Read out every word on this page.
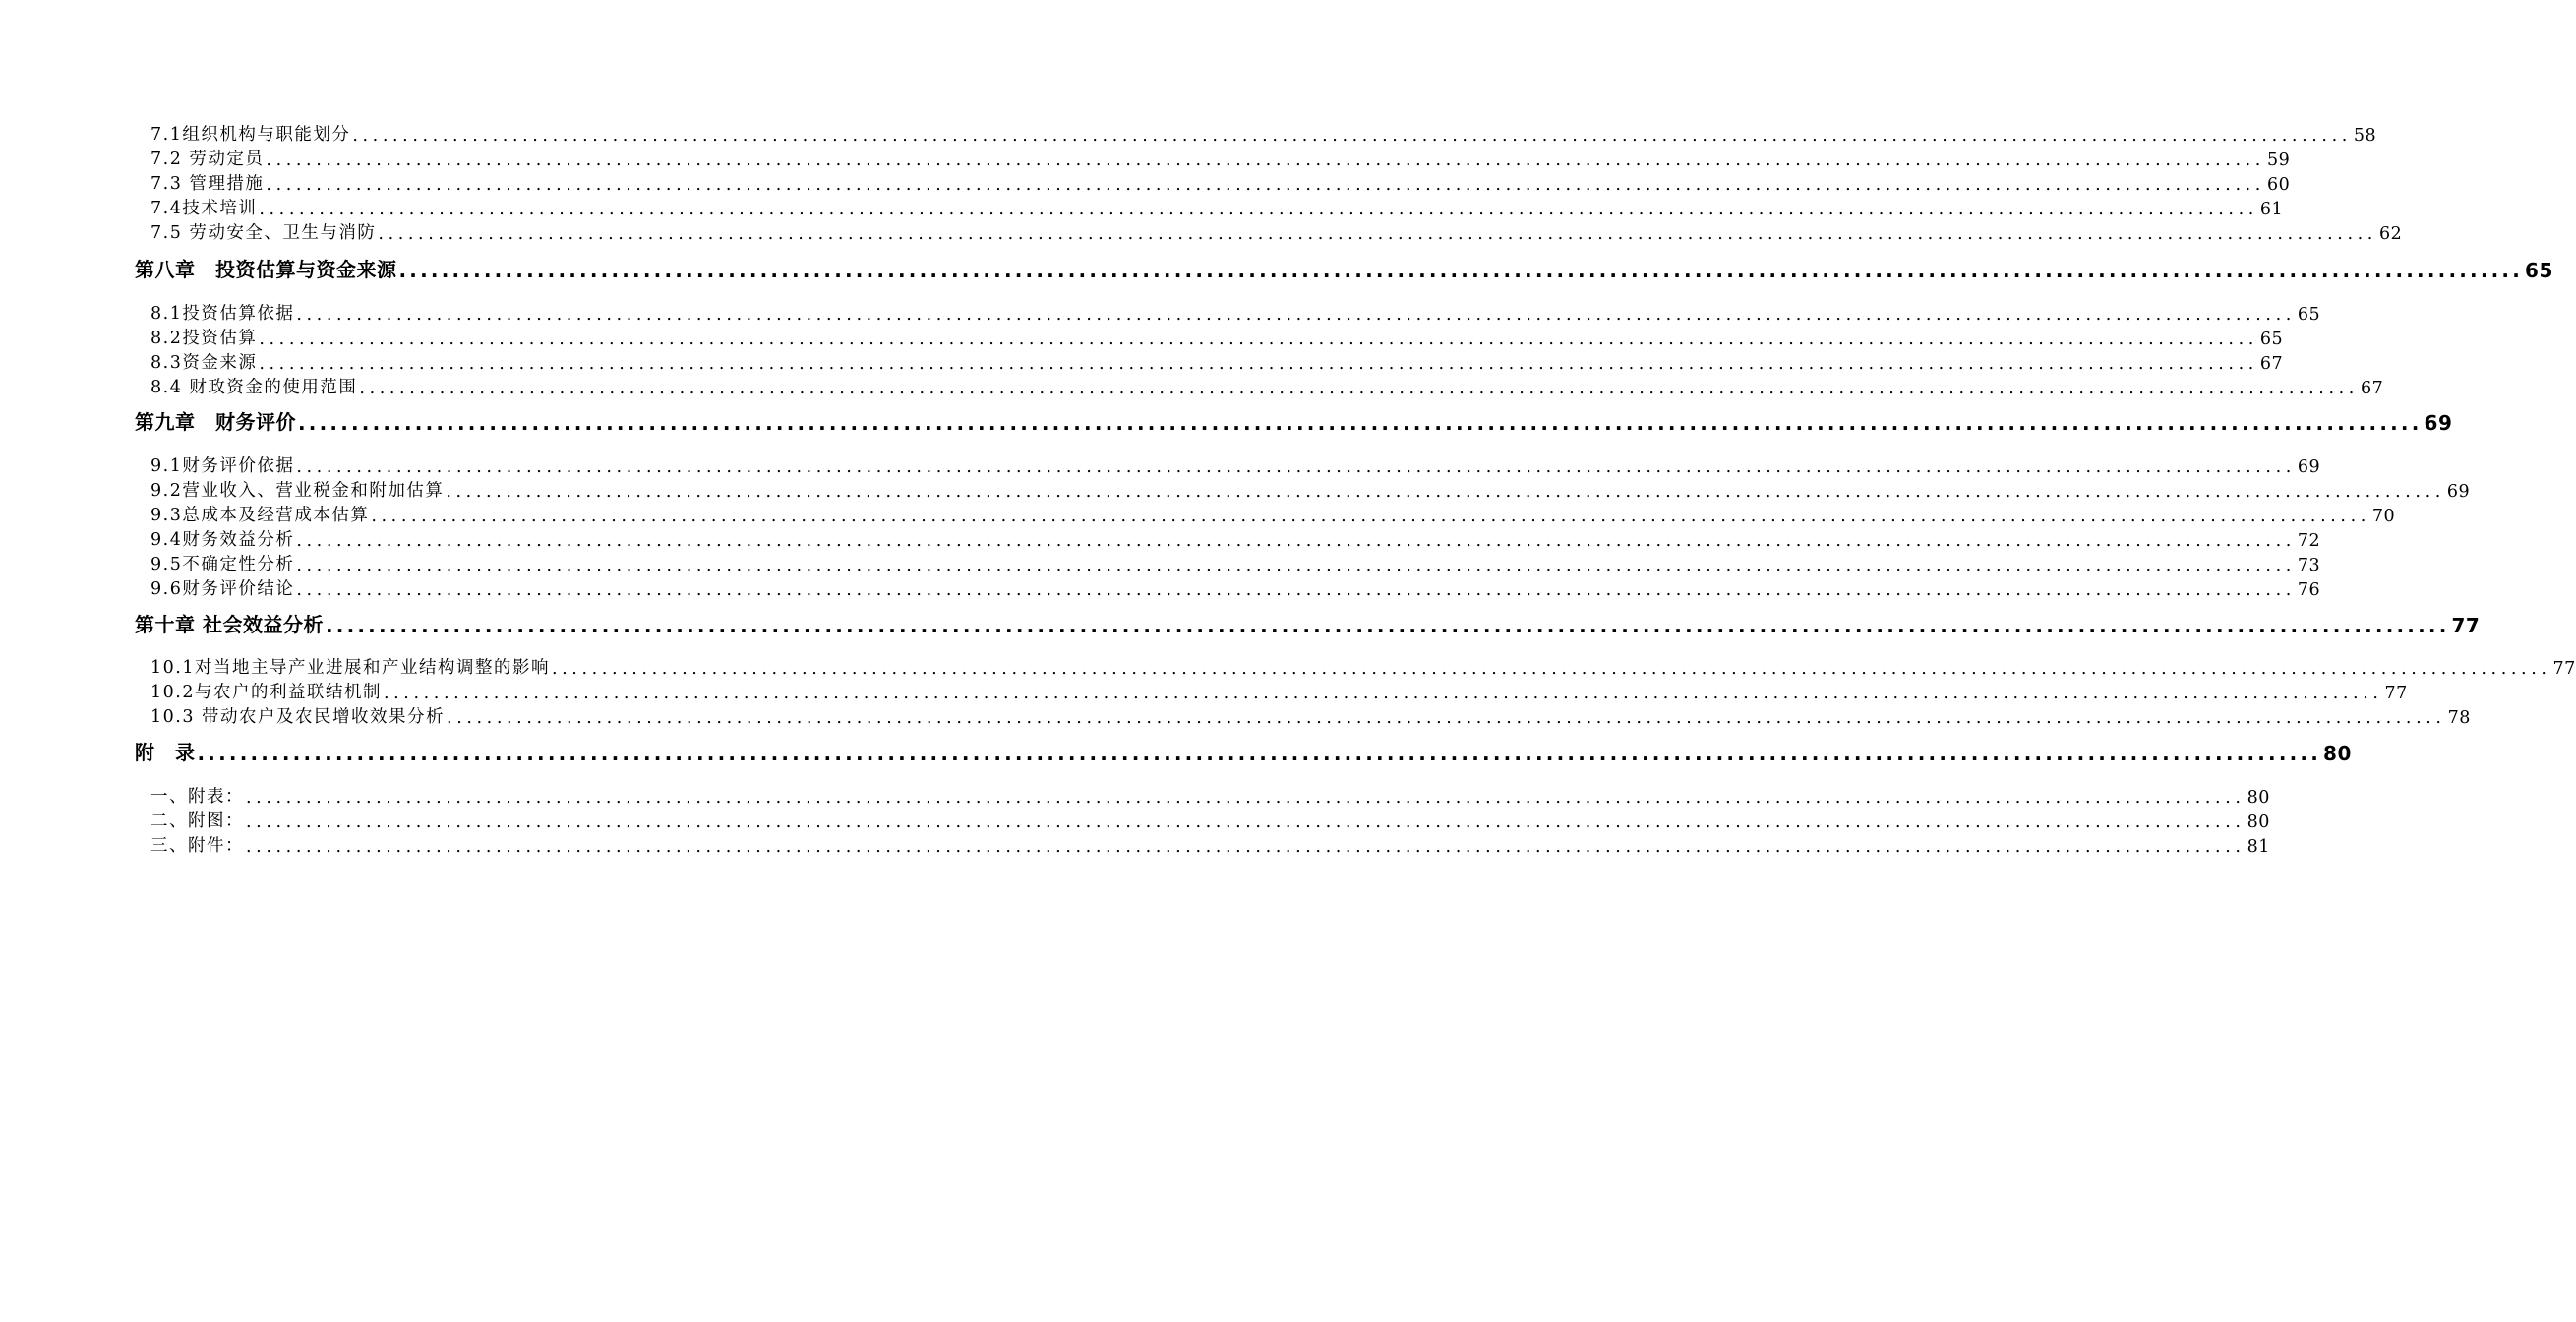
7.1组织机构与职能划分 ........................................................................................................................................................................................................ 58
7.2 劳动定员 ........................................................................................................................................................................................................ 59
7.3 管理措施 ........................................................................................................................................................................................................ 60
7.4技术培训 ........................................................................................................................................................................................................ 61
7.5 劳动安全、卫生与消防 ........................................................................................................................................................................................................ 62
第八章　投资估算与资金来源 ........................................................................................................................................................................................................ 65
8.1投资估算依据 ........................................................................................................................................................................................................ 65
8.2投资估算 ........................................................................................................................................................................................................ 65
8.3资金来源 ........................................................................................................................................................................................................ 67
8.4 财政资金的使用范围 ........................................................................................................................................................................................................ 67
第九章　财务评价 ........................................................................................................................................................................................................ 69
9.1财务评价依据 ........................................................................................................................................................................................................ 69
9.2营业收入、营业税金和附加估算 ........................................................................................................................................................................................................ 69
9.3总成本及经营成本估算 ........................................................................................................................................................................................................ 70
9.4财务效益分析 ........................................................................................................................................................................................................ 72
9.5不确定性分析 ........................................................................................................................................................................................................ 73
9.6财务评价结论 ........................................................................................................................................................................................................ 76
第十章 社会效益分析 ........................................................................................................................................................................................................ 77
10.1对当地主导产业进展和产业结构调整的影响 ........................................................................................................................................................................................................ 77
10.2与农户的利益联结机制 ........................................................................................................................................................................................................ 77
10.3 带动农户及农民增收效果分析 ........................................................................................................................................................................................................ 78
附　录 ........................................................................................................................................................................................................ 80
一、附表： ........................................................................................................................................................................................................ 80
二、附图： ........................................................................................................................................................................................................ 80
三、附件： ........................................................................................................................................................................................................ 81
